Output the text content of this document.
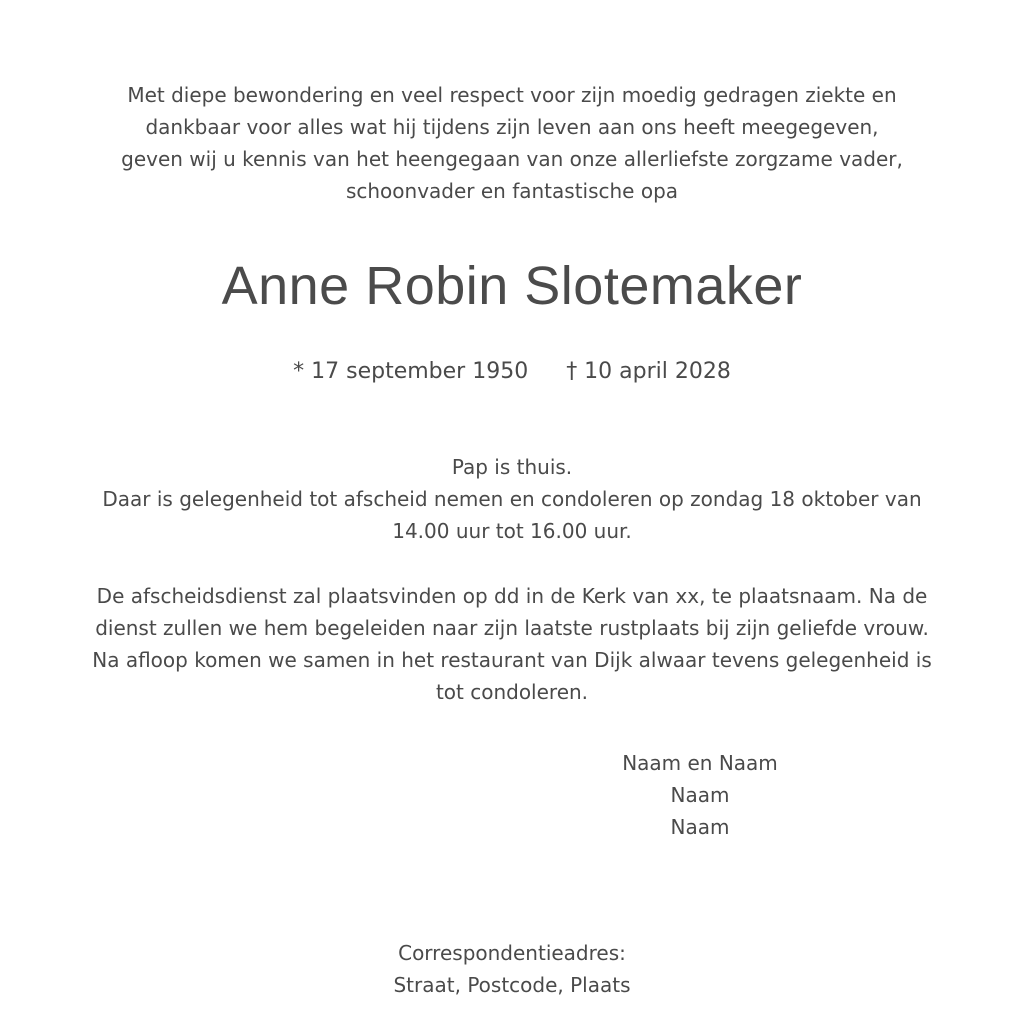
Met diepe bewondering en veel respect voor zijn moedig gedragen ziekte en
dankbaar voor alles wat hij tijdens zijn leven aan ons heeft meegegeven,
geven wij u kennis van het heengegaan van onze allerliefste zorgzame vader,
schoonvader en fantastische opa
Anne Robin Slotemaker
* 17 september 1950 † 10 april 2028
Pap is thuis.
Daar is gelegenheid tot afscheid nemen en condoleren op zondag 18 oktober van
14.00 uur tot 16.00 uur.
De afscheidsdienst zal plaatsvinden op dd in de Kerk van xx, te plaatsnaam. Na de
dienst zullen we hem begeleiden naar zijn laatste rustplaats bij zijn geliefde vrouw.
Na afloop komen we samen in het restaurant van Dijk alwaar tevens gelegenheid is
tot condoleren.
Naam en Naam
Naam
Naam
Correspondentieadres:
Straat, Postcode, Plaats
